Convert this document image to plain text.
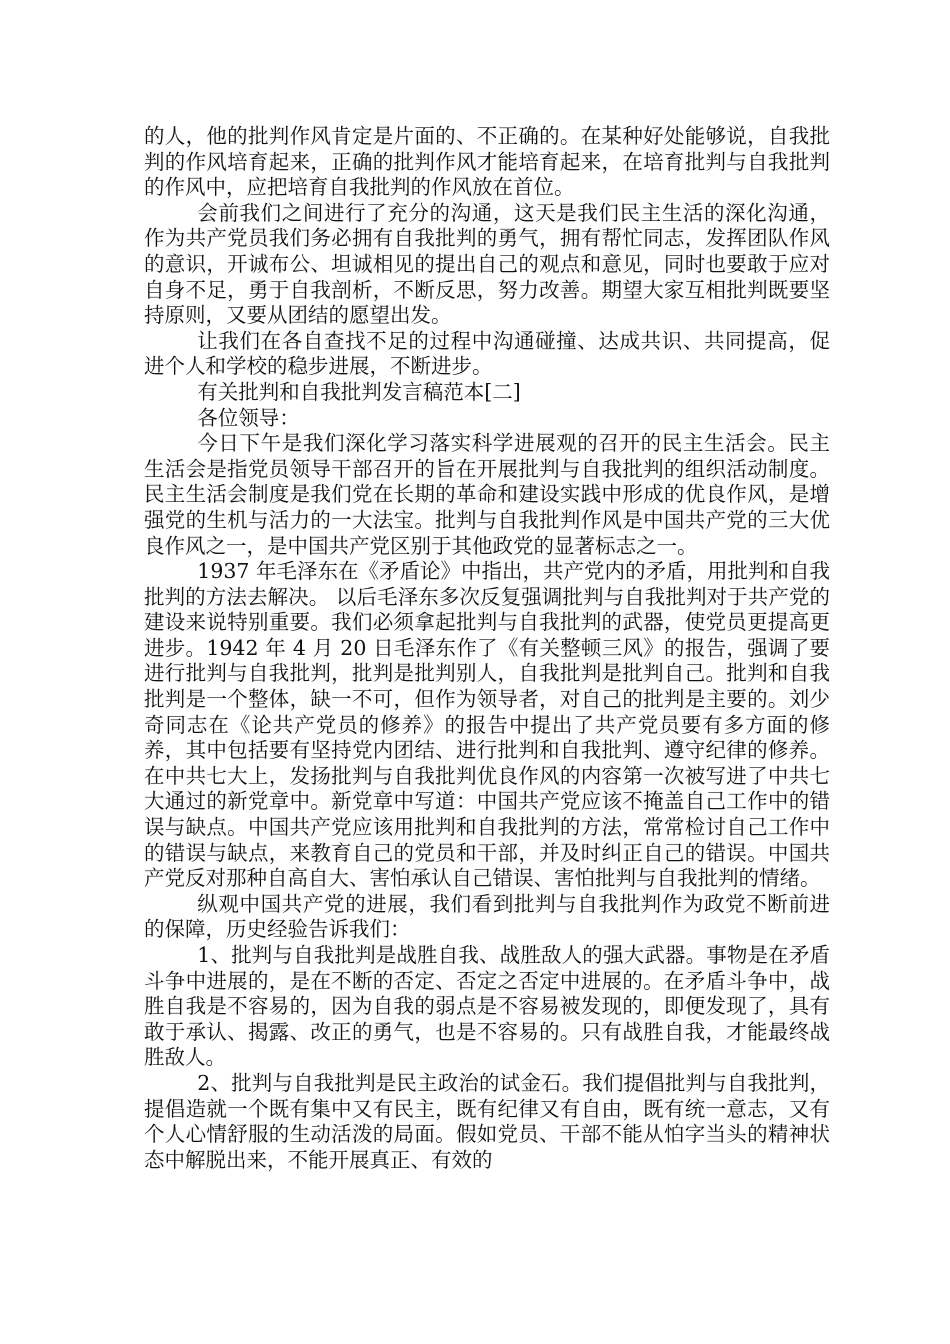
的人，他的批判作风肯定是片面的、不正确的。在某种好处能够说，自我批判的作风培育起来，正确的批判作风才能培育起来，在培育批判与自我批判的作风中，应把培育自我批判的作风放在首位。

会前我们之间进行了充分的沟通，这天是我们民主生活的深化沟通，作为共产党员我们务必拥有自我批判的勇气，拥有帮忙同志，发挥团队作风的意识，开诚布公、坦诚相见的提出自己的观点和意见，同时也要敢于应对自身不足，勇于自我剖析，不断反思，努力改善。期望大家互相批判既要坚持原则，又要从团结的愿望出发。

让我们在各自查找不足的过程中沟通碰撞、达成共识、共同提高，促进个人和学校的稳步进展，不断进步。

有关批判和自我批判发言稿范本[二]

各位领导：

今日下午是我们深化学习落实科学进展观的召开的民主生活会。民主生活会是指党员领导干部召开的旨在开展批判与自我批判的组织活动制度。民主生活会制度是我们党在长期的革命和建设实践中形成的优良作风，是增强党的生机与活力的一大法宝。批判与自我批判作风是中国共产党的三大优良作风之一，是中国共产党区别于其他政党的显著标志之一。

1937 年毛泽东在《矛盾论》中指出，共产党内的矛盾，用批判和自我批判的方法去解决。 以后毛泽东多次反复强调批判与自我批判对于共产党的建设来说特别重要。我们必须拿起批判与自我批判的武器，使党员更提高更进步。1942 年 4 月 20 日毛泽东作了《有关整顿三风》的报告，强调了要进行批判与自我批判，批判是批判别人，自我批判是批判自己。批判和自我批判是一个整体，缺一不可，但作为领导者，对自己的批判是主要的。刘少奇同志在《论共产党员的修养》的报告中提出了共产党员要有多方面的修养，其中包括要有坚持党内团结、进行批判和自我批判、遵守纪律的修养。在中共七大上，发扬批判与自我批判优良作风的内容第一次被写进了中共七大通过的新党章中。新党章中写道：中国共产党应该不掩盖自己工作中的错误与缺点。中国共产党应该用批判和自我批判的方法，常常检讨自己工作中的错误与缺点，来教育自己的党员和干部，并及时纠正自己的错误。中国共产党反对那种自高自大、害怕承认自己错误、害怕批判与自我批判的情绪。

纵观中国共产党的进展，我们看到批判与自我批判作为政党不断前进的保障，历史经验告诉我们：

1、批判与自我批判是战胜自我、战胜敌人的强大武器。事物是在矛盾斗争中进展的，是在不断的否定、否定之否定中进展的。在矛盾斗争中，战胜自我是不容易的，因为自我的弱点是不容易被发现的，即便发现了，具有敢于承认、揭露、改正的勇气，也是不容易的。只有战胜自我，才能最终战胜敌人。

2、批判与自我批判是民主政治的试金石。我们提倡批判与自我批判，提倡造就一个既有集中又有民主，既有纪律又有自由，既有统一意志，又有个人心情舒服的生动活泼的局面。假如党员、干部不能从怕字当头的精神状态中解脱出来，不能开展真正、有效的
